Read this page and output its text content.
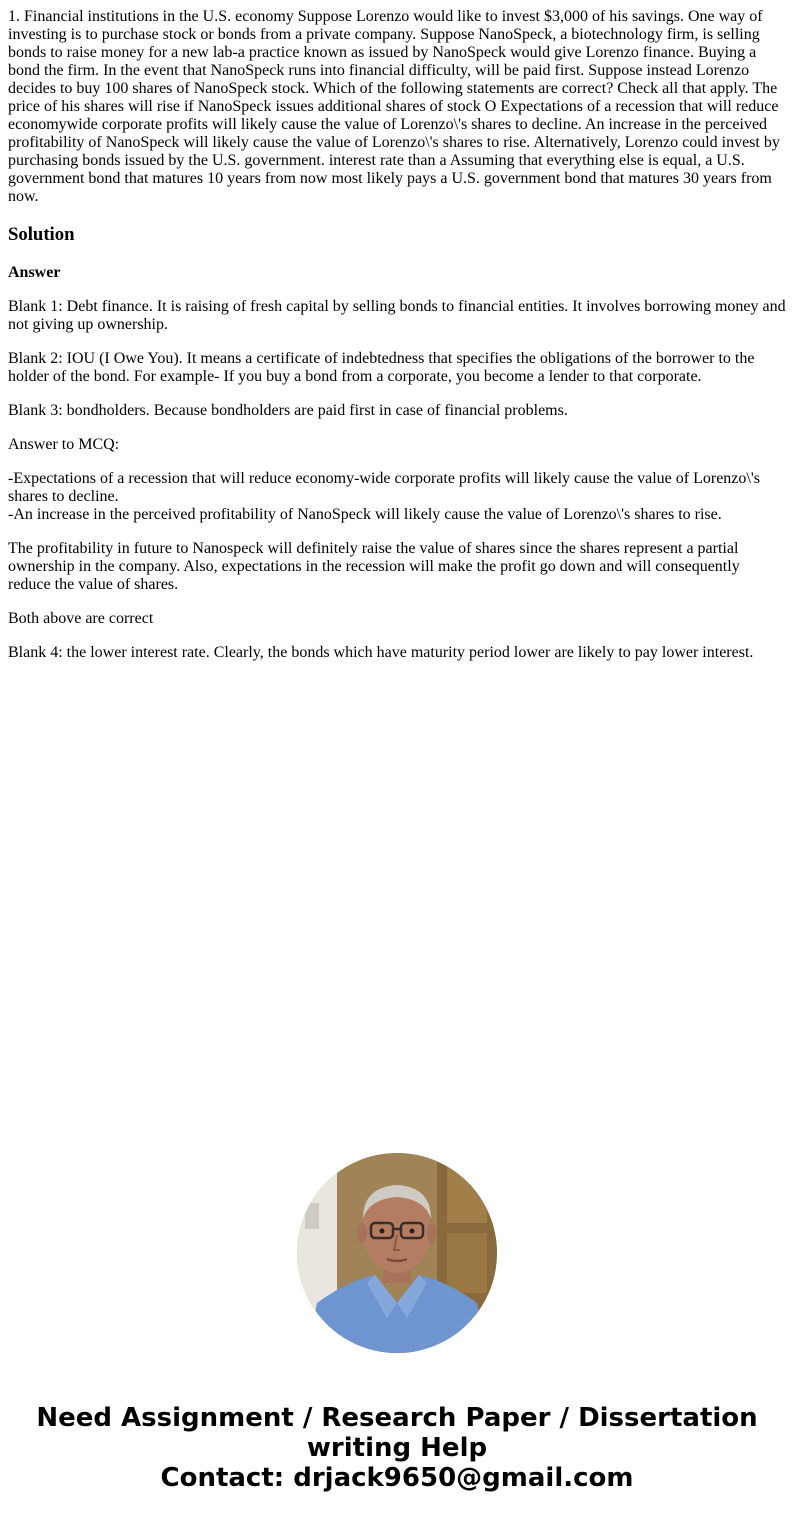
1. Financial institutions in the U.S. economy Suppose Lorenzo would like to invest $3,000 of his savings. One way of investing is to purchase stock or bonds from a private company. Suppose NanoSpeck, a biotechnology firm, is selling bonds to raise money for a new lab-a practice known as issued by NanoSpeck would give Lorenzo finance. Buying a bond the firm. In the event that NanoSpeck runs into financial difficulty, will be paid first. Suppose instead Lorenzo decides to buy 100 shares of NanoSpeck stock. Which of the following statements are correct? Check all that apply. The price of his shares will rise if NanoSpeck issues additional shares of stock O Expectations of a recession that will reduce economywide corporate profits will likely cause the value of Lorenzo\'s shares to decline. An increase in the perceived profitability of NanoSpeck will likely cause the value of Lorenzo\'s shares to rise. Alternatively, Lorenzo could invest by purchasing bonds issued by the U.S. government. interest rate than a Assuming that everything else is equal, a U.S. government bond that matures 10 years from now most likely pays a U.S. government bond that matures 30 years from now.

Solution
Answer

Blank 1: Debt finance. It is raising of fresh capital by selling bonds to financial entities. It involves borrowing money and not giving up ownership.

Blank 2: IOU (I Owe You). It means a certificate of indebtedness that specifies the obligations of the borrower to the holder of the bond. For example- If you buy a bond from a corporate, you become a lender to that corporate.

Blank 3: bondholders. Because bondholders are paid first in case of financial problems.

Answer to MCQ:

-Expectations of a recession that will reduce economy-wide corporate profits will likely cause the value of Lorenzo\'s shares to decline.
-An increase in the perceived profitability of NanoSpeck will likely cause the value of Lorenzo\'s shares to rise.

The profitability in future to Nanospeck will definitely raise the value of shares since the shares represent a partial ownership in the company. Also, expectations in the recession will make the profit go down and will consequently reduce the value of shares.

Both above are correct

Blank 4: the lower interest rate. Clearly, the bonds which have maturity period lower are likely to pay lower interest.

Need Assignment / Research Paper / Dissertation
writing Help
Contact: drjack9650@gmail.com
